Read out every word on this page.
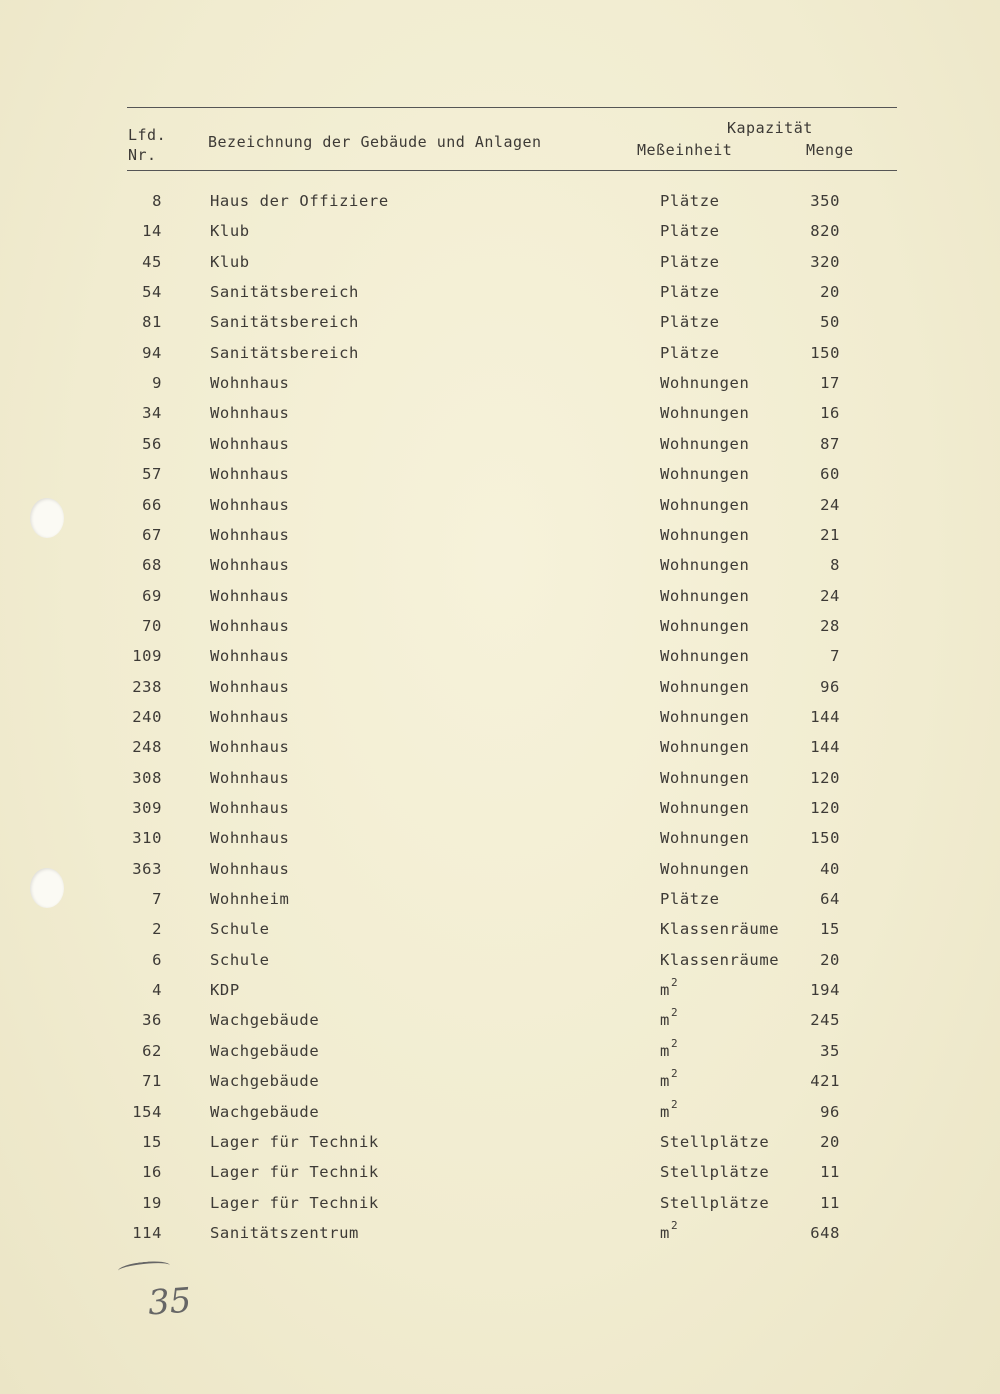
Lfd.
Nr.
Bezeichnung der Gebäude und Anlagen
Kapazität
Meßeinheit	Menge
8	Haus der Offiziere	Plätze	350
14	Klub	Plätze	820
45	Klub	Plätze	320
54	Sanitätsbereich	Plätze	20
81	Sanitätsbereich	Plätze	50
94	Sanitätsbereich	Plätze	150
9	Wohnhaus	Wohnungen	17
34	Wohnhaus	Wohnungen	16
56	Wohnhaus	Wohnungen	87
57	Wohnhaus	Wohnungen	60
66	Wohnhaus	Wohnungen	24
67	Wohnhaus	Wohnungen	21
68	Wohnhaus	Wohnungen	8
69	Wohnhaus	Wohnungen	24
70	Wohnhaus	Wohnungen	28
109	Wohnhaus	Wohnungen	7
238	Wohnhaus	Wohnungen	96
240	Wohnhaus	Wohnungen	144
248	Wohnhaus	Wohnungen	144
308	Wohnhaus	Wohnungen	120
309	Wohnhaus	Wohnungen	120
310	Wohnhaus	Wohnungen	150
363	Wohnhaus	Wohnungen	40
7	Wohnheim	Plätze	64
2	Schule	Klassenräume	15
6	Schule	Klassenräume	20
4	KDP	$m^2$	194
36	Wachgebäude	$m^2$	245
62	Wachgebäude	$m^2$	35
71	Wachgebäude	$m^2$	421
154	Wachgebäude	$m^2$	96
15	Lager für Technik	Stellplätze	20
16	Lager für Technik	Stellplätze	11
19	Lager für Technik	Stellplätze	11
114	Sanitätszentrum	$m^2$	648
35
